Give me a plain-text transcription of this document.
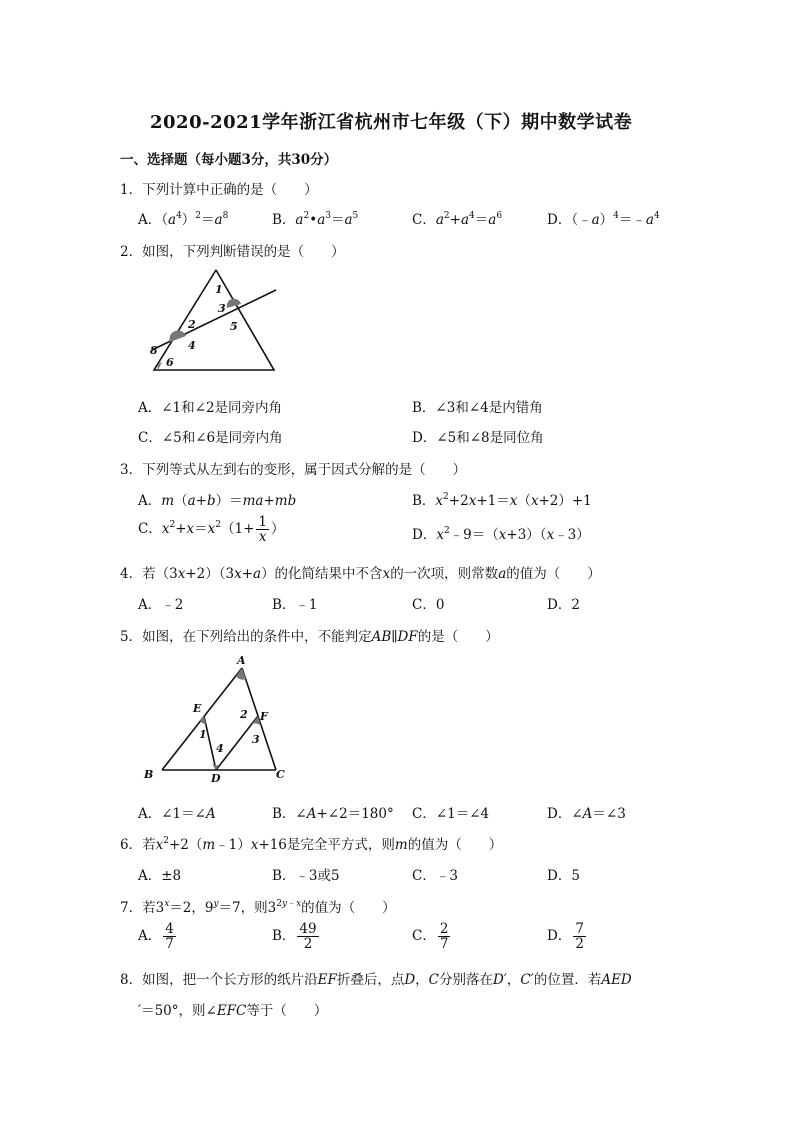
2020-2021学年浙江省杭州市七年级（下）期中数学试卷
一、选择题（每小题3分，共30分）
1．下列计算中正确的是（　　）
A．$(a^4)^2=a^8$	B．$a^2•a^3=a^5$	C．$a^2+a^4=a^6$	D．$(﹣a)^4=﹣a^4$
2．如图，下列判断错误的是（　　）
1
3
5
2
4
8
6
A．∠1和∠2是同旁内角	B．∠3和∠4是内错角
C．∠5和∠6是同旁内角	D．∠5和∠8是同位角
3．下列等式从左到右的变形，属于因式分解的是（　　）
A．m（a+b）＝ma+mb	B．$x^2+2x+1=x(x+2)+1$
C．$x^2+x=x^2(1+ \frac{1}{x}$ ）	D．$x^2﹣9=(x+3)(x﹣3)$
4．若（3x+2）（3x+a）的化简结果中不含x的一次项，则常数a的值为（　　）
A．﹣2	B．﹣1	C．0	D．2
5．如图，在下列给出的条件中，不能判定AB∥DF的是（　　）
A
E
F
B	D	C
1
2
3
4
A．∠1＝∠A	B．∠A+∠2＝180° C．∠1＝∠4	D．∠A＝∠3
6．若$x^2+2(m﹣1)x+16$是完全平方式，则m的值为（　　）
A．±8	B．﹣3或5	C．﹣3	D．5
7．若$3^x=2$，$9^y=7$，则$3^{2y﹣x}$的值为（　　）
A． $\frac{4}{7}$	B． $\frac{49}{2}$	C． $\frac{2}{7}$	D． $\frac{7}{2}$
8．如图，把一个长方形的纸片沿EF折叠后，点D，C分别落在D′，C′的位置．若AED
′＝50°，则∠EFC等于（　　）
